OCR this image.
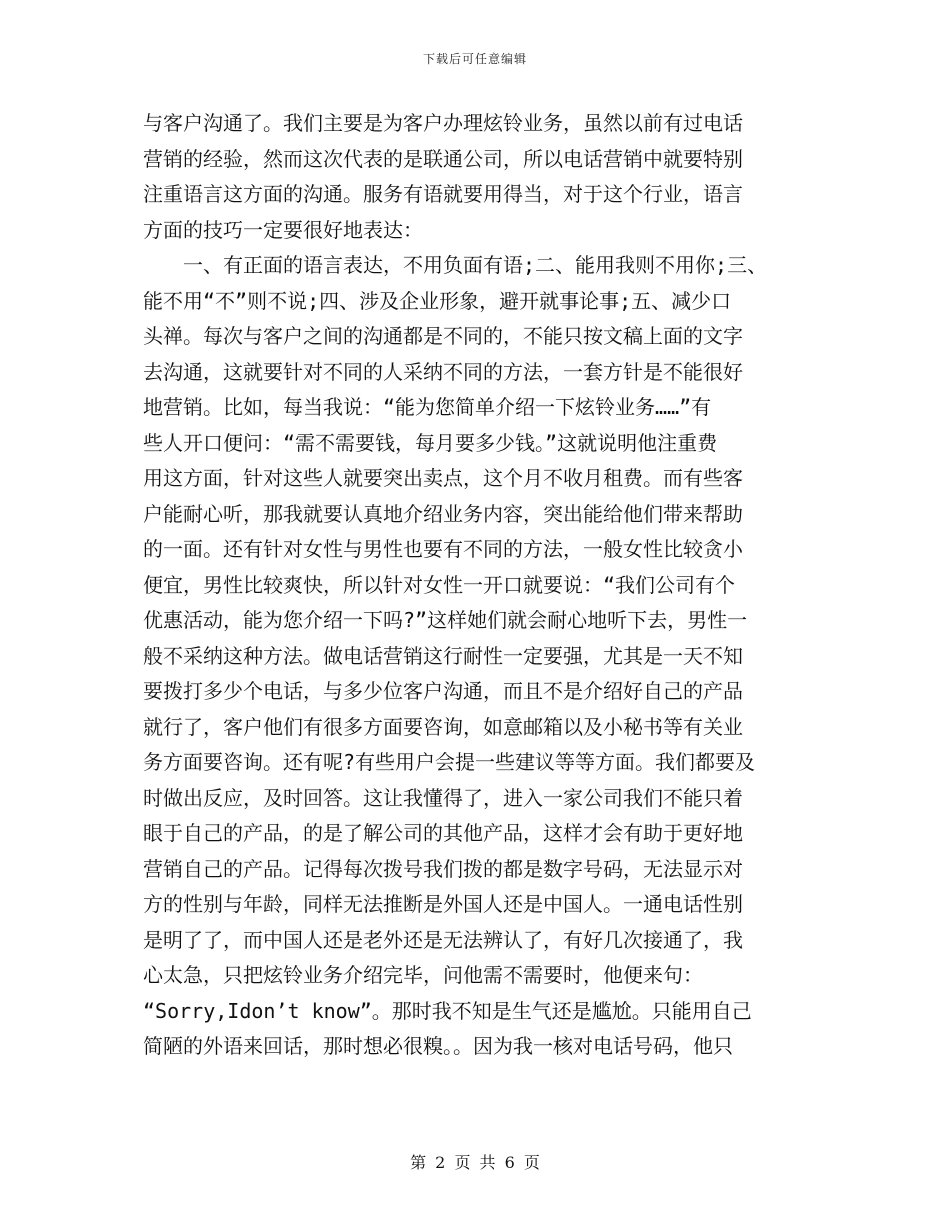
下载后可任意编辑
与客户沟通了。我们主要是为客户办理炫铃业务，虽然以前有过电话
营销的经验，然而这次代表的是联通公司，所以电话营销中就要特别
注重语言这方面的沟通。服务有语就要用得当，对于这个行业，语言
方面的技巧一定要很好地表达：
　　一、有正面的语言表达，不用负面有语;二、能用我则不用你;三、
能不用“不”则不说;四、涉及企业形象，避开就事论事;五、减少口
头禅。每次与客户之间的沟通都是不同的，不能只按文稿上面的文字
去沟通，这就要针对不同的人采纳不同的方法，一套方针是不能很好
地营销。比如，每当我说：“能为您简单介绍一下炫铃业务……”有
些人开口便问：“需不需要钱，每月要多少钱。”这就说明他注重费
用这方面，针对这些人就要突出卖点，这个月不收月租费。而有些客
户能耐心听，那我就要认真地介绍业务内容，突出能给他们带来帮助
的一面。还有针对女性与男性也要有不同的方法，一般女性比较贪小
便宜，男性比较爽快，所以针对女性一开口就要说：“我们公司有个
优惠活动，能为您介绍一下吗?”这样她们就会耐心地听下去，男性一
般不采纳这种方法。做电话营销这行耐性一定要强，尤其是一天不知
要拨打多少个电话，与多少位客户沟通，而且不是介绍好自己的产品
就行了，客户他们有很多方面要咨询，如意邮箱以及小秘书等有关业
务方面要咨询。还有呢?有些用户会提一些建议等等方面。我们都要及
时做出反应，及时回答。这让我懂得了，进入一家公司我们不能只着
眼于自己的产品，的是了解公司的其他产品，这样才会有助于更好地
营销自己的产品。记得每次拨号我们拨的都是数字号码，无法显示对
方的性别与年龄，同样无法推断是外国人还是中国人。一通电话性别
是明了了，而中国人还是老外还是无法辨认了，有好几次接通了，我
心太急，只把炫铃业务介绍完毕，问他需不需要时，他便来句：
“Sorry,Idon’t know”。那时我不知是生气还是尴尬。只能用自己
简陋的外语来回话，那时想必很糗。。因为我一核对电话号码，他只
第 2 页 共 6 页
